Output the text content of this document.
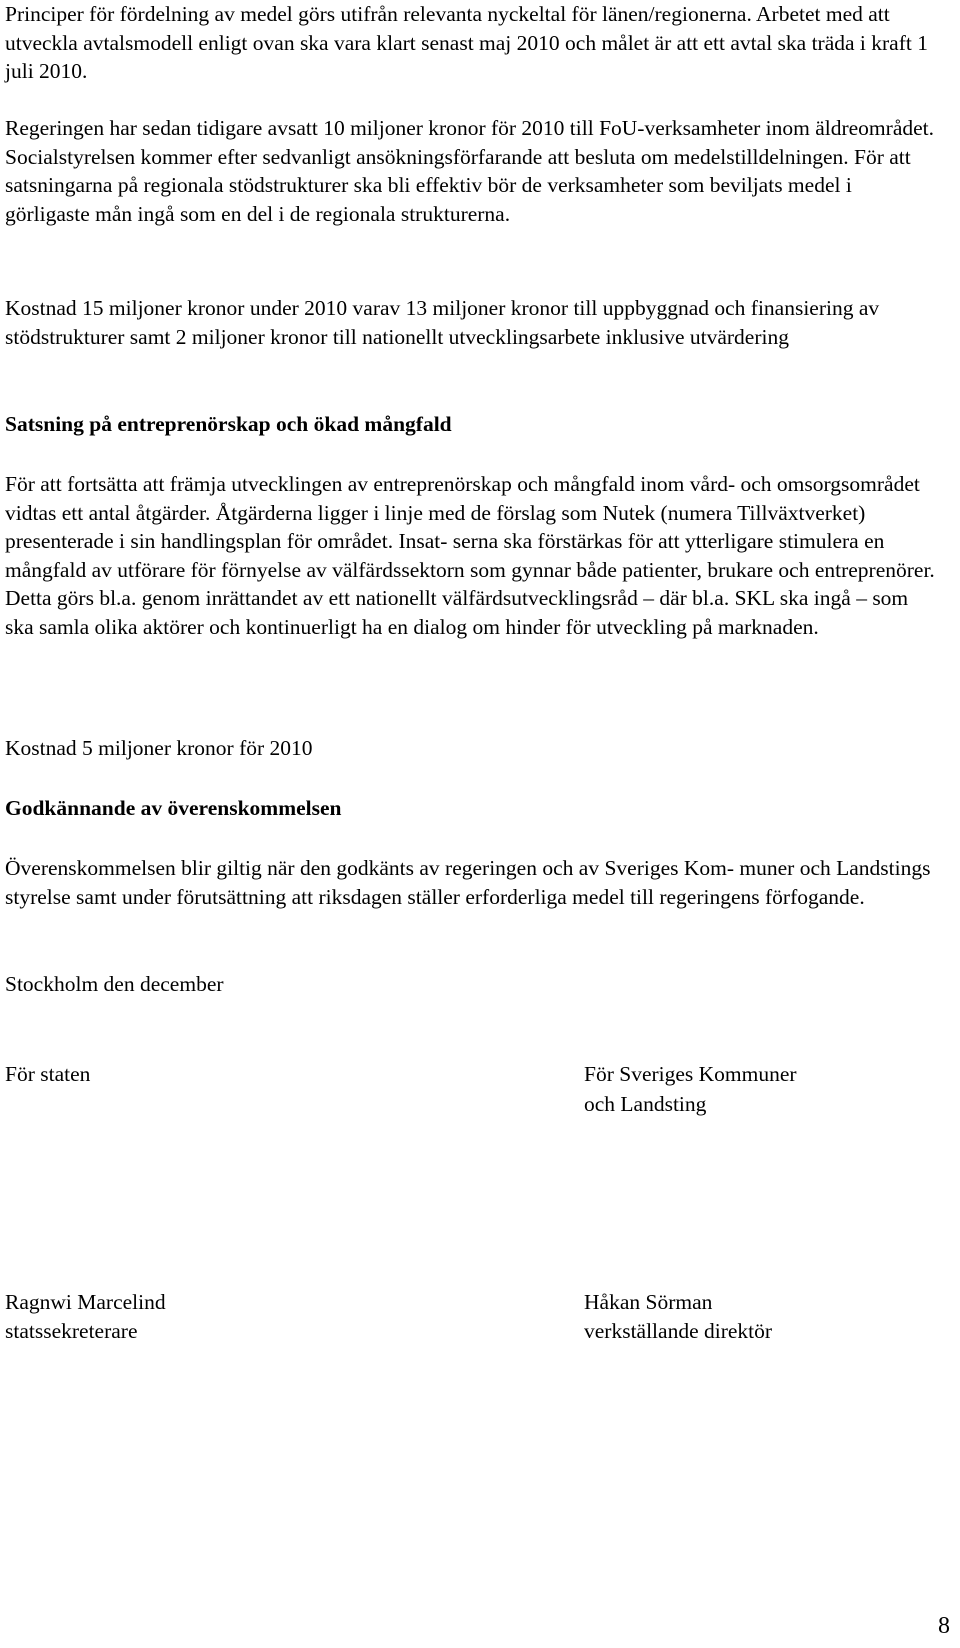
Principer för fördelning av medel görs utifrån relevanta nyckeltal för länen/regionerna. Arbetet med att utveckla avtalsmodell enligt ovan ska vara klart senast maj 2010 och målet är att ett avtal ska träda i kraft 1 juli 2010.

Regeringen har sedan tidigare avsatt 10 miljoner kronor för 2010 till FoU-verksamheter inom äldreområdet. Socialstyrelsen kommer efter sedvanligt ansökningsförfarande att besluta om medelstilldelningen. För att satsningarna på regionala stödstrukturer ska bli effektiv bör de verksamheter som beviljats medel i görligaste mån ingå som en del i de regionala strukturerna.

Kostnad 15 miljoner kronor under 2010 varav 13 miljoner kronor till uppbyggnad och finansiering av stödstrukturer samt 2 miljoner kronor till nationellt utvecklingsarbete inklusive utvärdering

Satsning på entreprenörskap och ökad mångfald

För att fortsätta att främja utvecklingen av entreprenörskap och mångfald inom vård- och omsorgsområdet vidtas ett antal åtgärder. Åtgärderna ligger i linje med de förslag som Nutek (numera Tillväxtverket) presenterade i sin handlingsplan för området. Insat- serna ska förstärkas för att ytterligare stimulera en mångfald av utförare för förnyelse av välfärdssektorn som gynnar både patienter, brukare och entreprenörer. Detta görs bl.a. genom inrättandet av ett nationellt välfärdsutvecklingsråd – där bl.a. SKL ska ingå – som ska samla olika aktörer och kontinuerligt ha en dialog om hinder för utveckling på marknaden.

Kostnad 5 miljoner kronor för 2010

Godkännande av överenskommelsen

Överenskommelsen blir giltig när den godkänts av regeringen och av Sveriges Kom- muner och Landstings styrelse samt under förutsättning att riksdagen ställer erforderliga medel till regeringens förfogande.

Stockholm den december

För staten	För Sveriges Kommuner
och Landsting
Ragnwi Marcelind
statssekreterare
Håkan Sörman
verkställande direktör
8
